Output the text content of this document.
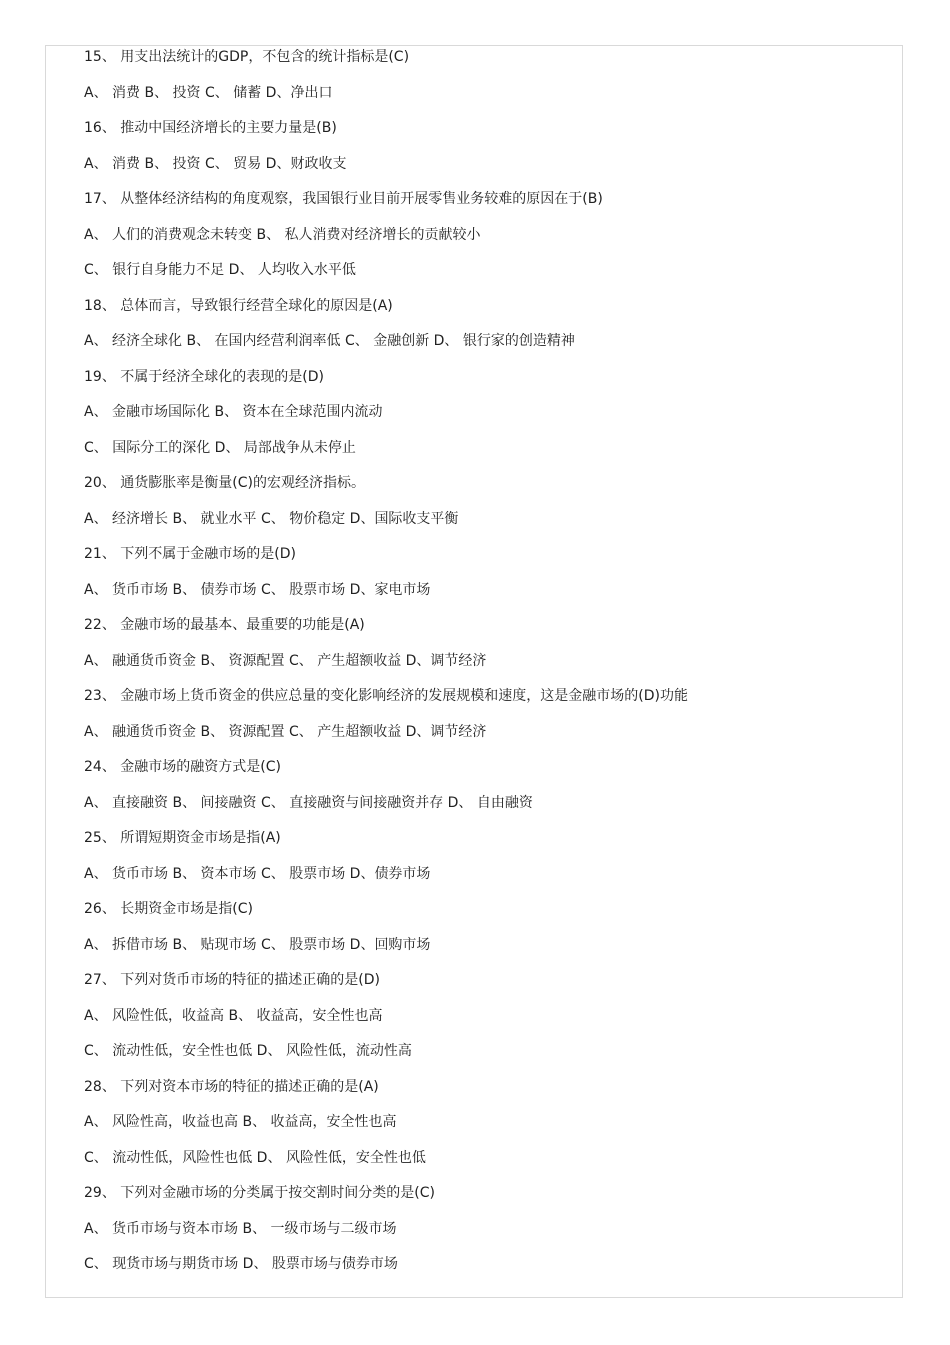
15、 用支出法统计的GDP，不包含的统计指标是(C)
A、 消费 B、 投资 C、 储蓄 D、净出口
16、 推动中国经济增长的主要力量是(B)
A、 消费 B、 投资 C、 贸易 D、财政收支
17、 从整体经济结构的角度观察，我国银行业目前开展零售业务较难的原因在于(B)
A、 人们的消费观念未转变 B、 私人消费对经济增长的贡献较小
C、 银行自身能力不足 D、 人均收入水平低
18、 总体而言，导致银行经营全球化的原因是(A)
A、 经济全球化 B、 在国内经营利润率低 C、 金融创新 D、 银行家的创造精神
19、 不属于经济全球化的表现的是(D)
A、 金融市场国际化 B、 资本在全球范围内流动
C、 国际分工的深化 D、 局部战争从未停止
20、 通货膨胀率是衡量(C)的宏观经济指标。
A、 经济增长 B、 就业水平 C、 物价稳定 D、国际收支平衡
21、 下列不属于金融市场的是(D)
A、 货币市场 B、 债券市场 C、 股票市场 D、家电市场
22、 金融市场的最基本、最重要的功能是(A)
A、 融通货币资金 B、 资源配置 C、 产生超额收益 D、调节经济
23、 金融市场上货币资金的供应总量的变化影响经济的发展规模和速度，这是金融市场的(D)功能
A、 融通货币资金 B、 资源配置 C、 产生超额收益 D、调节经济
24、 金融市场的融资方式是(C)
A、 直接融资 B、 间接融资 C、 直接融资与间接融资并存 D、 自由融资
25、 所谓短期资金市场是指(A)
A、 货币市场 B、 资本市场 C、 股票市场 D、债券市场
26、 长期资金市场是指(C)
A、 拆借市场 B、 贴现市场 C、 股票市场 D、回购市场
27、 下列对货币市场的特征的描述正确的是(D)
A、 风险性低，收益高 B、 收益高，安全性也高
C、 流动性低，安全性也低 D、 风险性低，流动性高
28、 下列对资本市场的特征的描述正确的是(A)
A、 风险性高，收益也高 B、 收益高，安全性也高
C、 流动性低，风险性也低 D、 风险性低，安全性也低
29、 下列对金融市场的分类属于按交割时间分类的是(C)
A、 货币市场与资本市场 B、 一级市场与二级市场
C、 现货市场与期货市场 D、 股票市场与债券市场
